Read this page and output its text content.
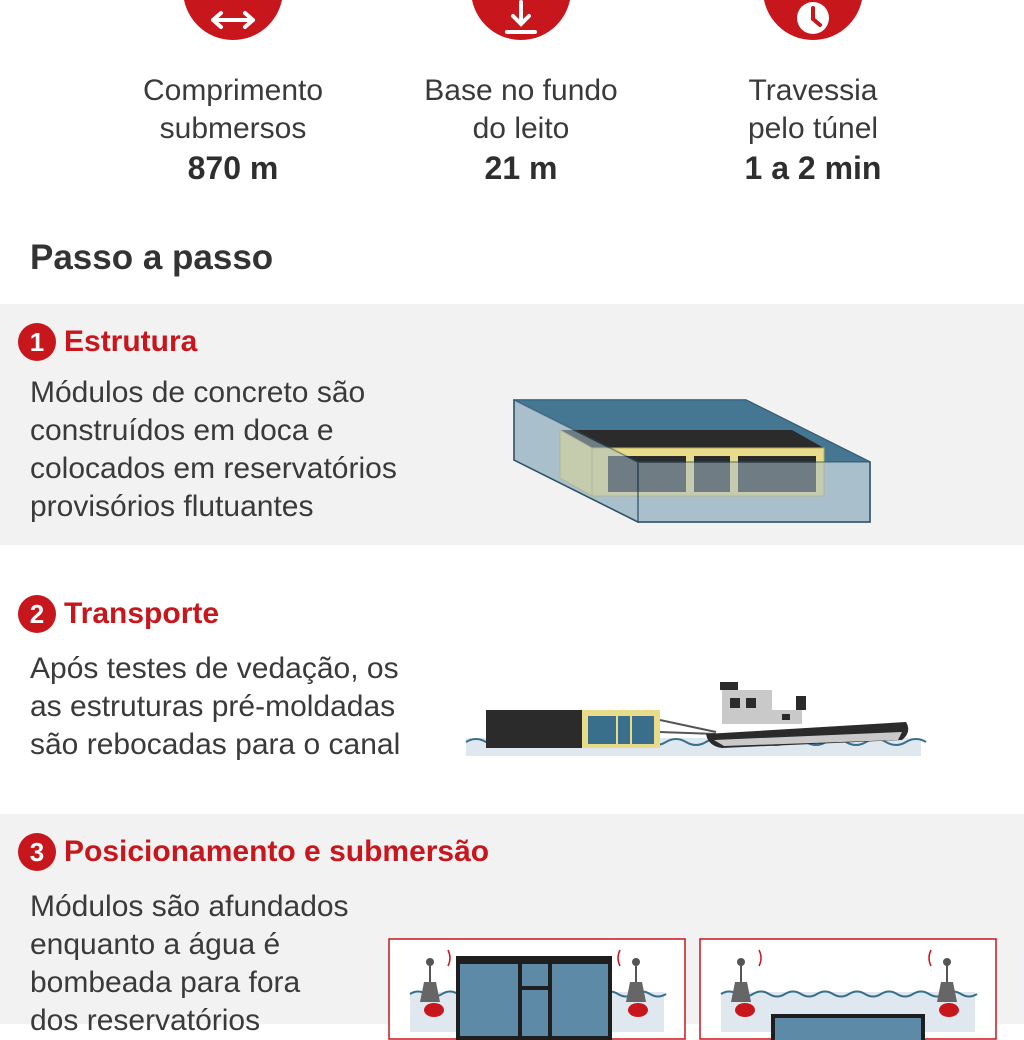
Comprimento
submersos
870 m
Base no fundo
do leito
21 m
Travessia
pelo túnel
1 a 2 min
Passo a passo
1 Estrutura
Módulos de concreto são
construídos em doca e
colocados em reservatórios
provisórios flutuantes
2 Transporte
Após testes de vedação, os
as estruturas pré-moldadas
são rebocadas para o canal
3 Posicionamento e submersão
Módulos são afundados
enquanto a água é
bombeada para fora
dos reservatórios
